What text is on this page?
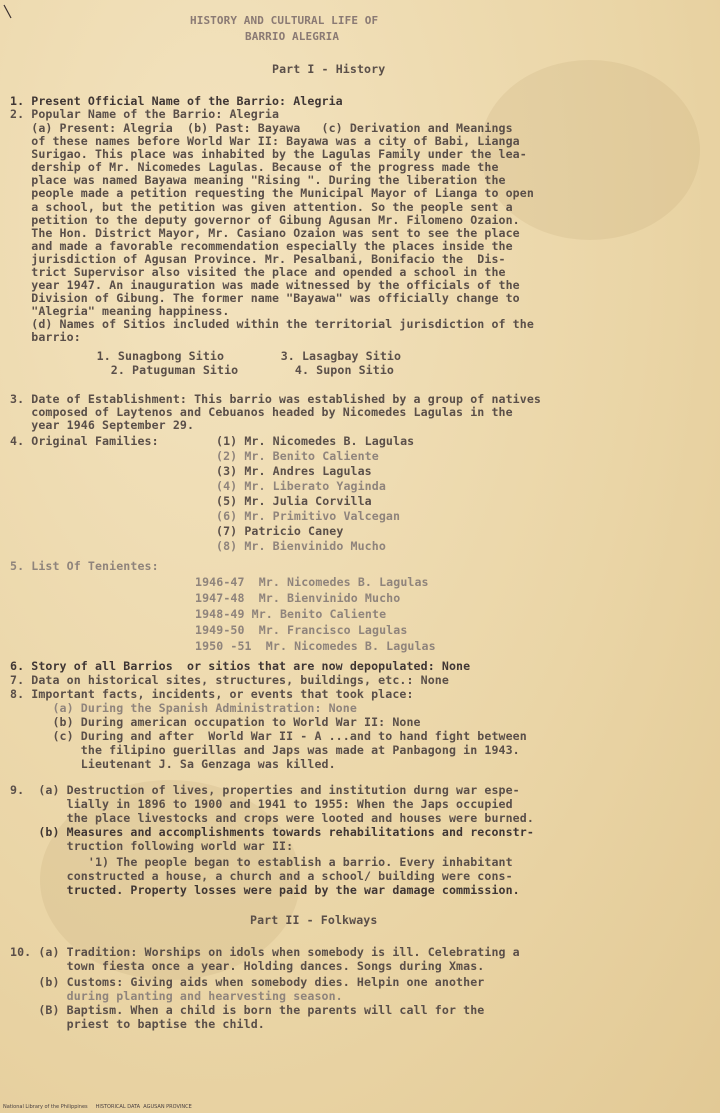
HISTORY AND CULTURAL LIFE OF
BARRIO ALEGRIA
Part I - History
1. Present Official Name of the Barrio: Alegria
2. Popular Name of the Barrio: Alegria
(a) Present: Alegria  (b) Past: Bayawa   (c) Derivation and Meanings
of these names before World War II: Bayawa was a city of Babi, Lianga
Surigao. This place was inhabited by the Lagulas Family under the lea-
dership of Mr. Nicomedes Lagulas. Because of the progress made the
place was named Bayawa meaning "Rising ". During the liberation the
people made a petition requesting the Municipal Mayor of Lianga to open
a school, but the petition was given attention. So the people sent a
petition to the deputy governor of Gibung Agusan Mr. Filomeno Ozaion.
The Hon. District Mayor, Mr. Casiano Ozaion was sent to see the place
and made a favorable recommendation especially the places inside the
jurisdiction of Agusan Province. Mr. Pesalbani, Bonifacio the  Dis-
trict Supervisor also visited the place and opended a school in the
year 1947. An inauguration was made witnessed by the officials of the
Division of Gibung. The former name "Bayawa" was officially change to
"Alegria" meaning happiness.
(d) Names of Sitios included within the territorial jurisdiction of the
barrio:
1. Sunagbong Sitio        3. Lasagbay Sitio
2. Patuguman Sitio        4. Supon Sitio
3. Date of Establishment: This barrio was established by a group of natives
composed of Laytenos and Cebuanos headed by Nicomedes Lagulas in the
year 1946 September 29.
4. Original Families:	(1) Mr. Nicomedes B. Lagulas
(2) Mr. Benito Caliente
(3) Mr. Andres Lagulas
(4) Mr. Liberato Yaginda
(5) Mr. Julia Corvilla
(6) Mr. Primitivo Valcegan
(7) Patricio Caney
(8) Mr. Bienvinido Mucho
5. List Of Tenientes:
1946-47  Mr. Nicomedes B. Lagulas
1947-48  Mr. Bienvinido Mucho
1948-49 Mr. Benito Caliente
1949-50  Mr. Francisco Lagulas
1950 -51  Mr. Nicomedes B. Lagulas
6. Story of all Barrios  or sitios that are now depopulated: None
7. Data on historical sites, structures, buildings, etc.: None
8. Important facts, incidents, or events that took place:
(a) During the Spanish Administration: None
(b) During american occupation to World War II: None
(c) During and after  World War II - A ...and to hand fight between
the filipino guerillas and Japs was made at Panbagong in 1943.
Lieutenant J. Sa Genzaga was killed.
9.  (a) Destruction of lives, properties and institution durng war espe-
lially in 1896 to 1900 and 1941 to 1955: When the Japs occupied
the place livestocks and crops were looted and houses were burned.
(b) Measures and accomplishments towards rehabilitations and reconstr-
truction following world war II:
'1) The people began to establish a barrio. Every inhabitant
constructed a house, a church and a school/ building were cons-
tructed. Property losses were paid by the war damage commission.
Part II - Folkways
10. (a) Tradition: Worships on idols when somebody is ill. Celebrating a
town fiesta once a year. Holding dances. Songs during Xmas.
(b) Customs: Giving aids when somebody dies. Helpin one another
during planting and hearvesting season.
(B) Baptism. When a child is born the parents will call for the
priest to baptise the child.
National Library of the Philippines     HISTORICAL DATA  AGUSAN PROVINCE
